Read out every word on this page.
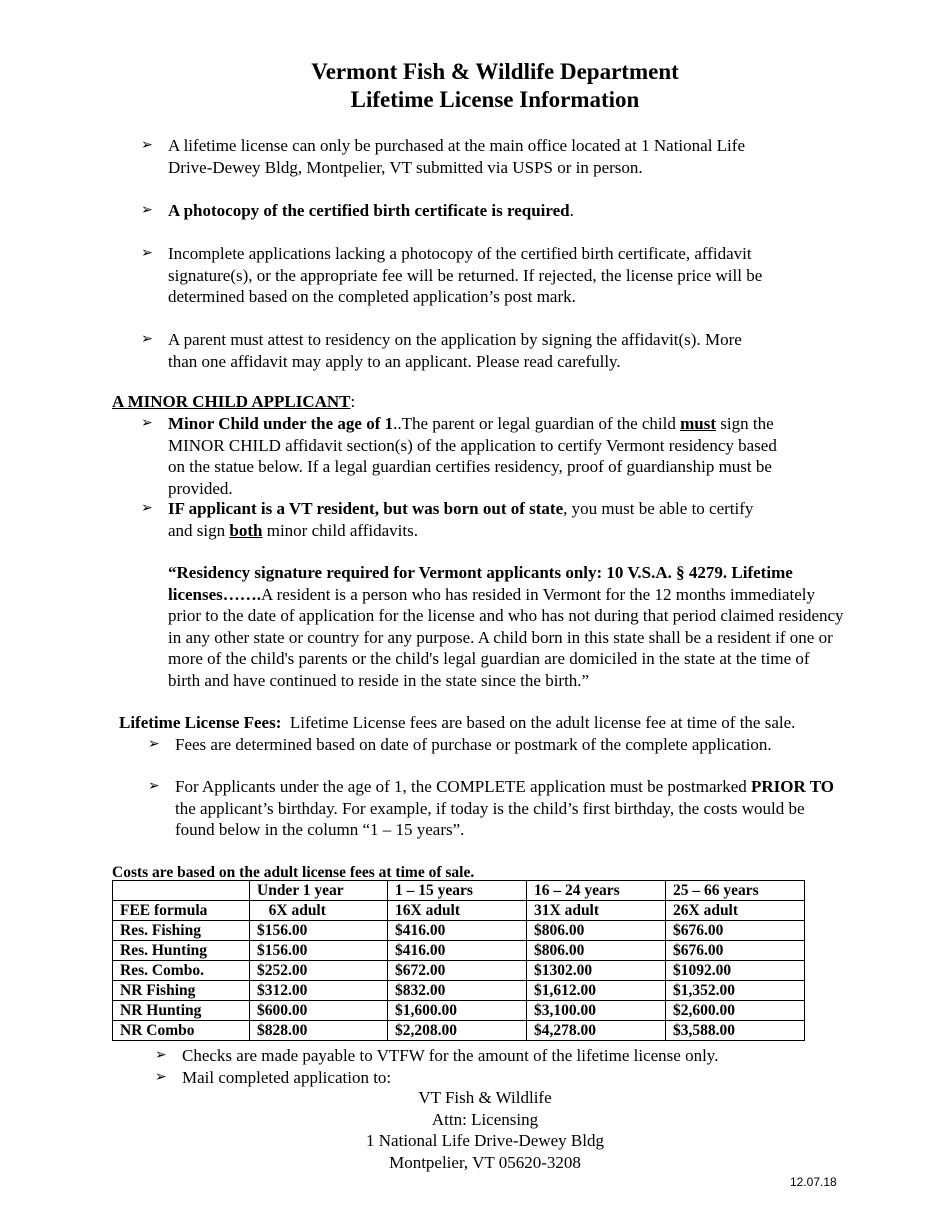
Vermont Fish & Wildlife Department
Lifetime License Information
➢ A lifetime license can only be purchased at the main office located at 1 National Life
Drive-Dewey Bldg, Montpelier, VT submitted via USPS or in person.
➢ A photocopy of the certified birth certificate is required.
➢ Incomplete applications lacking a photocopy of the certified birth certificate, affidavit
signature(s), or the appropriate fee will be returned. If rejected, the license price will be
determined based on the completed application’s post mark.
➢ A parent must attest to residency on the application by signing the affidavit(s). More
than one affidavit may apply to an applicant. Please read carefully.
A MINOR CHILD APPLICANT:
➢ Minor Child under the age of 1..The parent or legal guardian of the child must sign the
MINOR CHILD affidavit section(s) of the application to certify Vermont residency based
on the statue below. If a legal guardian certifies residency, proof of guardianship must be
provided.
➢ IF applicant is a VT resident, but was born out of state, you must be able to certify
and sign both minor child affidavits.
“Residency signature required for Vermont applicants only: 10 V.S.A. § 4279. Lifetime
licenses…….A resident is a person who has resided in Vermont for the 12 months immediately
prior to the date of application for the license and who has not during that period claimed residency
in any other state or country for any purpose. A child born in this state shall be a resident if one or
more of the child's parents or the child's legal guardian are domiciled in the state at the time of
birth and have continued to reside in the state since the birth.”
Lifetime License Fees:  Lifetime License fees are based on the adult license fee at time of the sale.
➢ Fees are determined based on date of purchase or postmark of the complete application.
➢ For Applicants under the age of 1, the COMPLETE application must be postmarked PRIOR TO
the applicant’s birthday. For example, if today is the child’s first birthday, the costs would be
found below in the column “1 – 15 years”.
Costs are based on the adult license fees at time of sale.
	Under 1 year	1 – 15 years	16 – 24 years	25 – 66 years
FEE formula	6X adult	16X adult	31X adult	26X adult
Res. Fishing	$156.00	$416.00	$806.00	$676.00
Res. Hunting	$156.00	$416.00	$806.00	$676.00
Res. Combo.	$252.00	$672.00	$1302.00	$1092.00
NR Fishing	$312.00	$832.00	$1,612.00	$1,352.00
NR Hunting	$600.00	$1,600.00	$3,100.00	$2,600.00
NR Combo	$828.00	$2,208.00	$4,278.00	$3,588.00
➢ Checks are made payable to VTFW for the amount of the lifetime license only.
➢ Mail completed application to:
VT Fish & Wildlife
Attn: Licensing
1 National Life Drive-Dewey Bldg
Montpelier, VT 05620-3208
12.07.18
